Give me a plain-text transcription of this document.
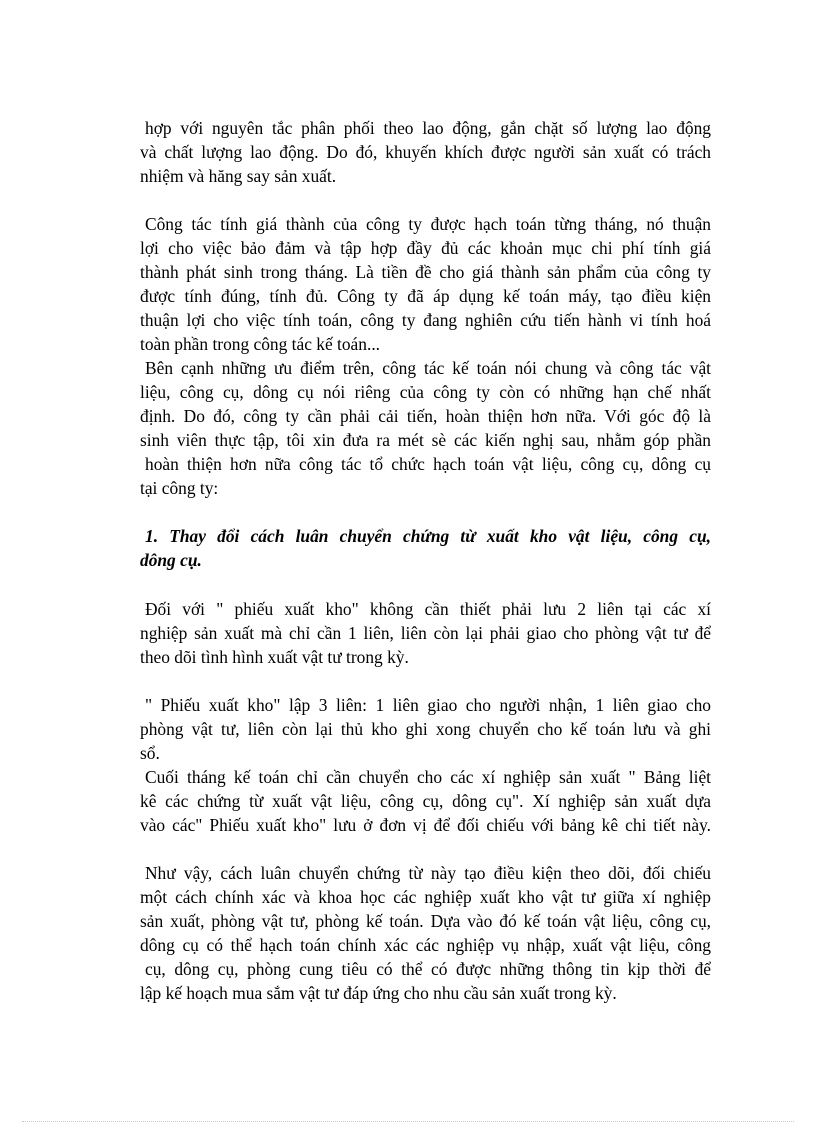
hợp với nguyên tắc phân phối theo lao động, gắn chặt số lượng lao động
và chất lượng lao động. Do đó, khuyến khích được người sản xuất có trách
nhiệm và hăng say sản xuất.
Công tác tính giá thành của công ty được hạch toán từng tháng, nó thuận
lợi cho việc bảo đảm và tập hợp đầy đủ các khoản mục chi phí tính giá
thành phát sinh trong tháng. Là tiền đề cho giá thành sản phẩm của công ty
được tính đúng, tính đủ. Công ty đã áp dụng kế toán máy, tạo điều kiện
thuận lợi cho việc tính toán, công ty đang nghiên cứu tiến hành vi tính hoá
toàn phần trong công tác kế toán...
Bên cạnh những ưu điểm trên, công tác kế toán nói chung và công tác vật
liệu, công cụ, dông cụ nói riêng của công ty còn có những hạn chế nhất
định. Do đó, công ty cần phải cải tiến, hoàn thiện hơn nữa. Với góc độ là
sinh viên thực tập, tôi xin đưa ra mét sè các kiến nghị sau, nhằm góp phần
hoàn thiện hơn nữa công tác tổ chức hạch toán vật liệu, công cụ, dông cụ
tại công ty:
1. Thay đổi cách luân chuyển chứng từ xuất kho vật liệu, công cụ,
dông cụ.
Đối với " phiếu xuất kho" không cần thiết phải lưu 2 liên tại các xí
nghiệp sản xuất mà chỉ cần 1 liên, liên còn lại phải giao cho phòng vật tư để
theo dõi tình hình xuất vật tư trong kỳ.
" Phiếu xuất kho" lập 3 liên: 1 liên giao cho người nhận, 1 liên giao cho
phòng vật tư, liên còn lại thủ kho ghi xong chuyển cho kế toán lưu và ghi
sổ.
Cuối tháng kế toán chỉ cần chuyển cho các xí nghiệp sản xuất " Bảng liệt
kê các chứng từ xuất vật liệu, công cụ, dông cụ". Xí nghiệp sản xuất dựa
vào các" Phiếu xuất kho" lưu ở đơn vị để đối chiếu với bảng kê chi tiết này.
Như vậy, cách luân chuyển chứng từ này tạo điều kiện theo dõi, đối chiếu
một cách chính xác và khoa học các nghiệp xuất kho vật tư giữa xí nghiệp
sản xuất, phòng vật tư, phòng kế toán. Dựa vào đó kế toán vật liệu, công cụ,
dông cụ có thể hạch toán chính xác các nghiệp vụ nhập, xuất vật liệu, công
cụ, dông cụ, phòng cung tiêu có thể có được những thông tin kịp thời để
lập kế hoạch mua sắm vật tư đáp ứng cho nhu cầu sản xuất trong kỳ.
